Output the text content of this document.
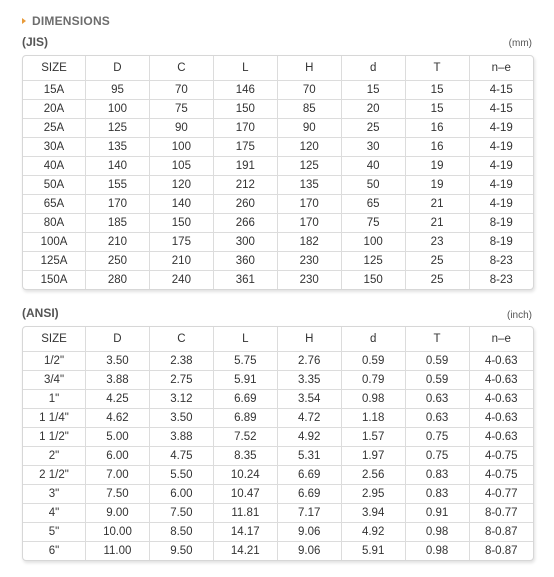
DIMENSIONS
(JIS)	(mm)
SIZE	D	C	L	H	d	T	n–e
15A	95	70	146	70	15	15	4-15
20A	100	75	150	85	20	15	4-15
25A	125	90	170	90	25	16	4-19
30A	135	100	175	120	30	16	4-19
40A	140	105	191	125	40	19	4-19
50A	155	120	212	135	50	19	4-19
65A	170	140	260	170	65	21	4-19
80A	185	150	266	170	75	21	8-19
100A	210	175	300	182	100	23	8-19
125A	250	210	360	230	125	25	8-23
150A	280	240	361	230	150	25	8-23
(ANSI)	(inch)
SIZE	D	C	L	H	d	T	n–e
1/2"	3.50	2.38	5.75	2.76	0.59	0.59	4-0.63
3/4"	3.88	2.75	5.91	3.35	0.79	0.59	4-0.63
1"	4.25	3.12	6.69	3.54	0.98	0.63	4-0.63
1 1/4"	4.62	3.50	6.89	4.72	1.18	0.63	4-0.63
1 1/2"	5.00	3.88	7.52	4.92	1.57	0.75	4-0.63
2"	6.00	4.75	8.35	5.31	1.97	0.75	4-0.75
2 1/2"	7.00	5.50	10.24	6.69	2.56	0.83	4-0.75
3"	7.50	6.00	10.47	6.69	2.95	0.83	4-0.77
4"	9.00	7.50	11.81	7.17	3.94	0.91	8-0.77
5"	10.00	8.50	14.17	9.06	4.92	0.98	8-0.87
6"	11.00	9.50	14.21	9.06	5.91	0.98	8-0.87
